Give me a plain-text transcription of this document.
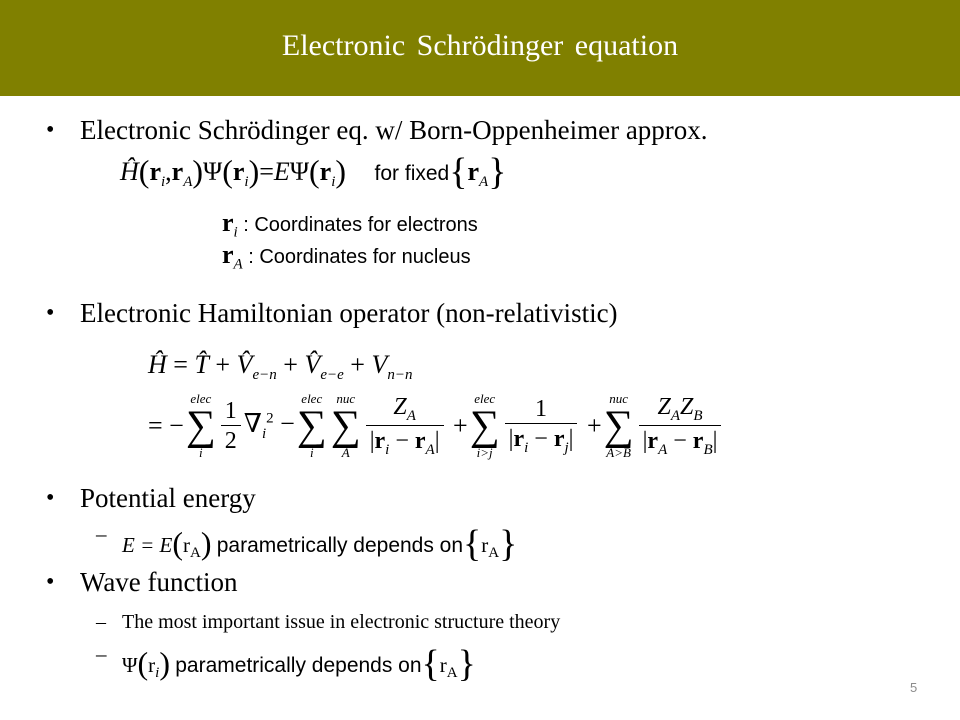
Electronic Schrödinger equation
• Electronic Schrödinger eq. w/ Born-Oppenheimer approx.
$Ĥ(r_i,r_A)\Psi(r_i)=E\Psi(r_i)$ for $fixed\{r_A\}$
$r_i$ : Coordinates for electrons
$r_A$ : Coordinates for nucleus
• Electronic Hamiltonian operator (non-relativistic)
Ĥ = T̂ + $V̂_{e-n}$ + $V̂_{e-e} + V_{n-n}$
= −
elec
∑
i $\frac{1}{2} \nabla_i^2$ −
elec
∑
i
nuc
∑
A $\frac{Z_A}{|r_i - r_A|}$ +
elec
∑
$i>j \frac{1}{|r_i - r_j|}$ +
nuc
∑
$A>B \frac{Z_AZ_B}{|r_A - r_B|}$
• Potential energy
– $E = E(r_A)$ parametrically depends $on\{r_A\}$
• Wave function
– The most important issue in electronic structure theory
– $\Psi(r_i)$ parametrically depends $on\{r_A\}$
5
